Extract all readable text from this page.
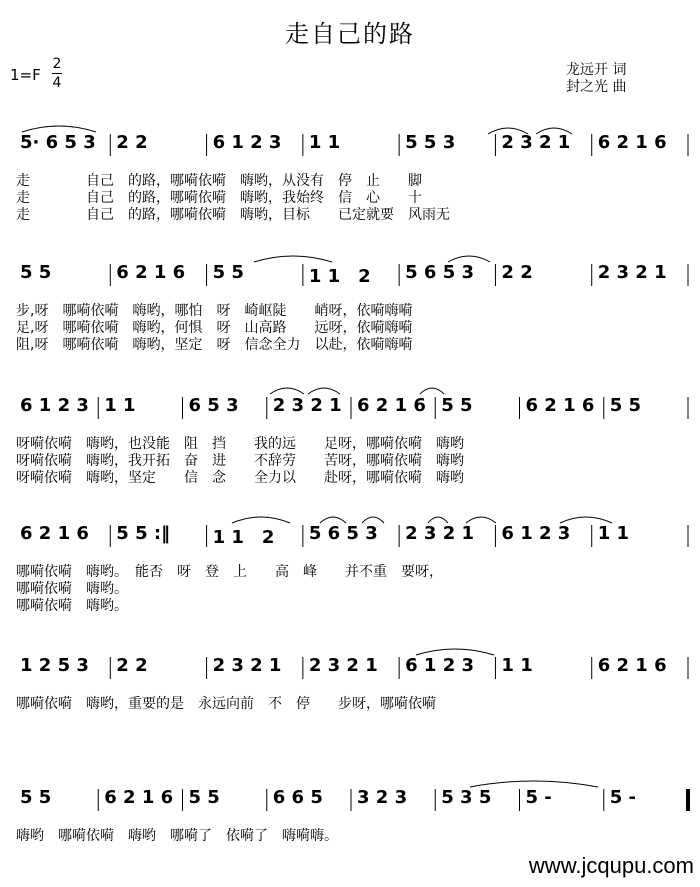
走自己的路
1=F
2
4
龙远开 词
封之光 曲
5· 6 5 3 2 2	6 1 2 3 1 1	5 5 3	2 3 2 1 6 2 1 6
走　　　　自己　的路，哪嗬依嗬　嗨哟，从没有　停　止　　脚
走　　　　自己　的路，哪嗬依嗬　嗨哟，我始终　信　心　　十
走　　　　自己　的路，哪嗬依嗬　嗨哟，目标　　已定就要　风雨无
5 5	6 2 1 6 5 5	1 1　2 5 6 5 3 2 2	2 3 2 1
步,呀　哪嗬依嗬　嗨哟，哪怕　呀　崎岖陡　　峭呀，依嗬嗨嗬
足,呀　哪嗬依嗬　嗨哟，何惧　呀　山高路　　远呀，依嗬嗨嗬
阻,呀　哪嗬依嗬　嗨哟，坚定　呀　信念全力　以赴，依嗬嗨嗬
6 1 2 3 1 1	6 5 3 2 3 2 1 6 2 1 6 5 5	6 2 1 6 5 5
呀嗬依嗬　嗨哟，也没能　阻　挡　　我的远　　足呀，哪嗬依嗬　嗨哟
呀嗬依嗬　嗨哟，我开拓　奋　进　　不辞劳　　苦呀，哪嗬依嗬　嗨哟
呀嗬依嗬　嗨哟，坚定　　信　念　　全力以　　赴呀，哪嗬依嗬　嗨哟
6 2 1 6 5 5 :‖ 1 1　2 5 6 5 3 2 3 2 1 6 1 2 3 1 1
哪嗬依嗬　嗨哟。　能否　呀　登　上　　高　峰　　并不重　要呀，
哪嗬依嗬　嗨哟。
哪嗬依嗬　嗨哟。
1 2 5 3 2 2	2 3 2 1 2 3 2 1 6 1 2 3 1 1	6 2 1 6
哪嗬依嗬　嗨哟，重要的是　永远向前　不　停　　步呀，哪嗬依嗬
5 5	6 2 1 6 5 5	6 6 5 3 2 3 5 3 5 5 -	5 -
嗨哟　哪嗬依嗬　嗨哟　哪嗬了　依嗬了　嗨嗬嗨。
www.jcqupu.com
